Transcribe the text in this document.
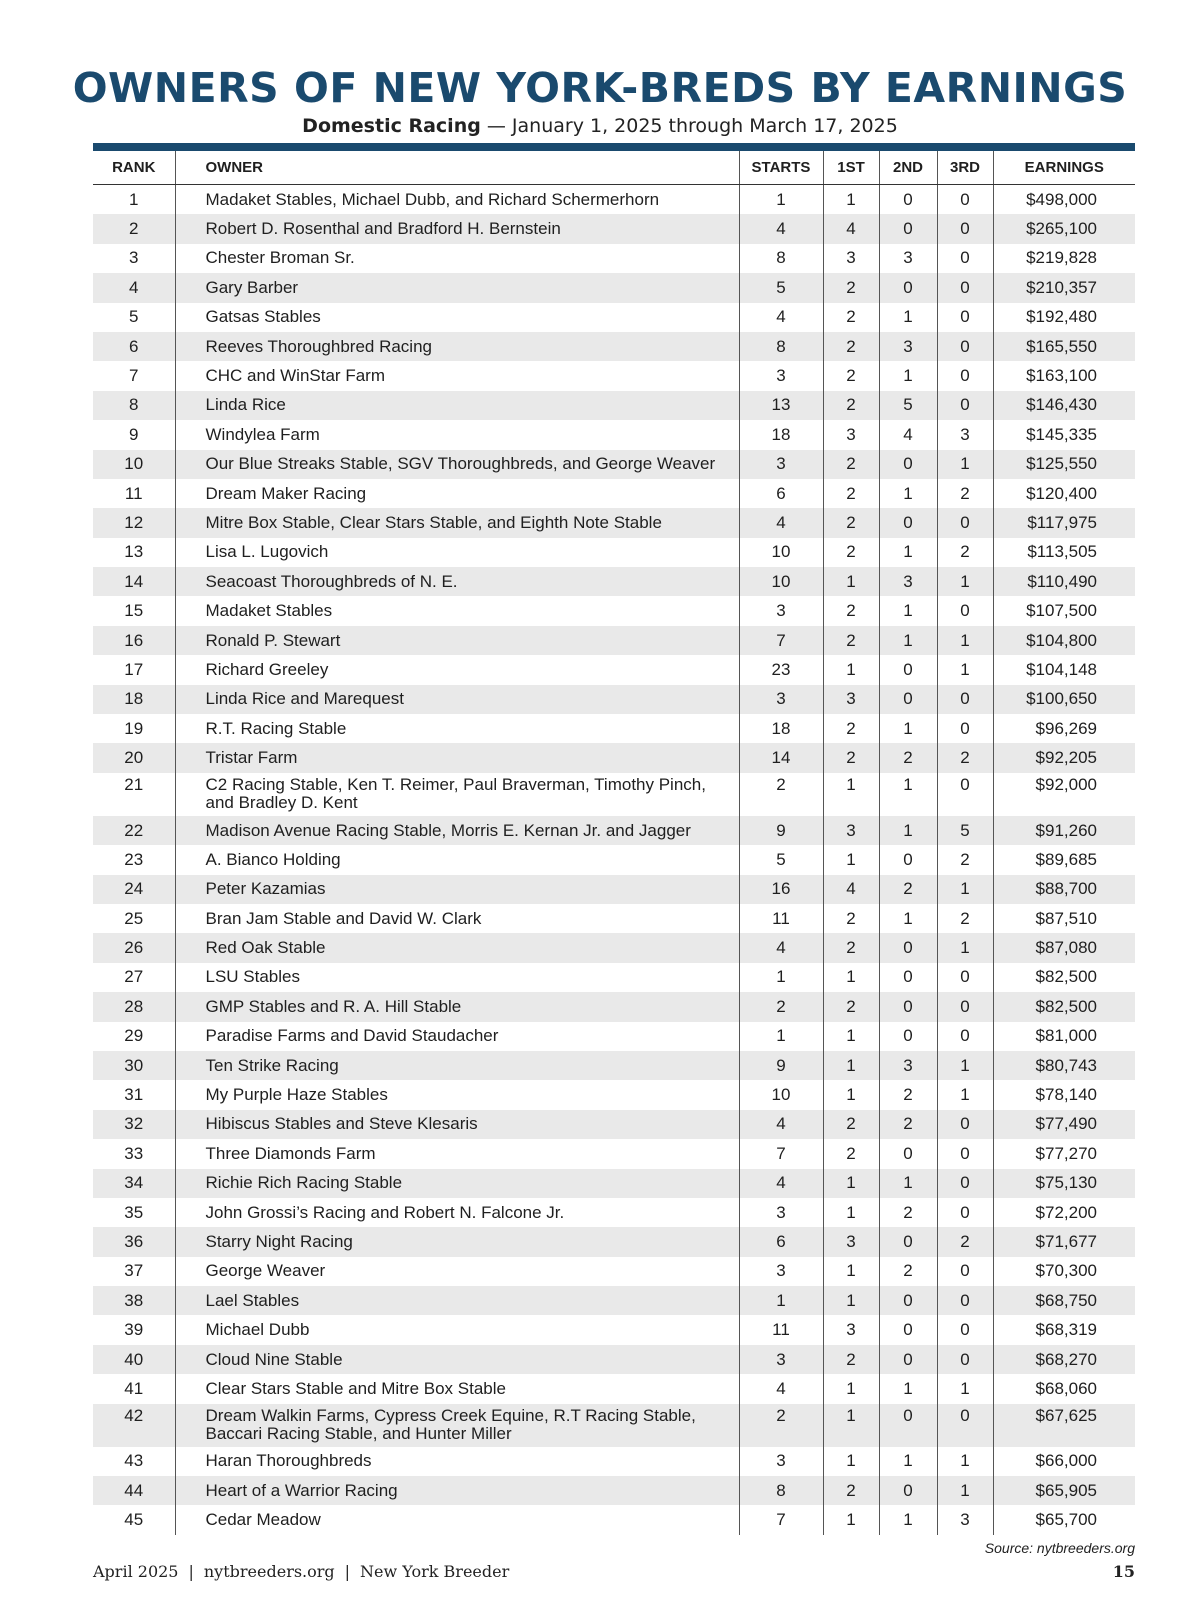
OWNERS OF NEW YORK-BREDS BY EARNINGS
Domestic Racing — January 1, 2025 through March 17, 2025
RANK	OWNER	STARTS	1ST	2ND	3RD	EARNINGS
1	Madaket Stables, Michael Dubb, and Richard Schermerhorn	1	1	0	0	$498,000
2	Robert D. Rosenthal and Bradford H. Bernstein	4	4	0	0	$265,100
3	Chester Broman Sr.	8	3	3	0	$219,828
4	Gary Barber	5	2	0	0	$210,357
5	Gatsas Stables	4	2	1	0	$192,480
6	Reeves Thoroughbred Racing	8	2	3	0	$165,550
7	CHC and WinStar Farm	3	2	1	0	$163,100
8	Linda Rice	13	2	5	0	$146,430
9	Windylea Farm	18	3	4	3	$145,335
10	Our Blue Streaks Stable, SGV Thoroughbreds, and George Weaver	3	2	0	1	$125,550
11	Dream Maker Racing	6	2	1	2	$120,400
12	Mitre Box Stable, Clear Stars Stable, and Eighth Note Stable	4	2	0	0	$117,975
13	Lisa L. Lugovich	10	2	1	2	$113,505
14	Seacoast Thoroughbreds of N. E.	10	1	3	1	$110,490
15	Madaket Stables	3	2	1	0	$107,500
16	Ronald P. Stewart	7	2	1	1	$104,800
17	Richard Greeley	23	1	0	1	$104,148
18	Linda Rice and Marequest	3	3	0	0	$100,650
19	R.T. Racing Stable	18	2	1	0	$96,269
20	Tristar Farm	14	2	2	2	$92,205
21	C2 Racing Stable, Ken T. Reimer, Paul Braverman, Timothy Pinch, and Bradley D. Kent	2	1	1	0	$92,000
22	Madison Avenue Racing Stable, Morris E. Kernan Jr. and Jagger	9	3	1	5	$91,260
23	A. Bianco Holding	5	1	0	2	$89,685
24	Peter Kazamias	16	4	2	1	$88,700
25	Bran Jam Stable and David W. Clark	11	2	1	2	$87,510
26	Red Oak Stable	4	2	0	1	$87,080
27	LSU Stables	1	1	0	0	$82,500
28	GMP Stables and R. A. Hill Stable	2	2	0	0	$82,500
29	Paradise Farms and David Staudacher	1	1	0	0	$81,000
30	Ten Strike Racing	9	1	3	1	$80,743
31	My Purple Haze Stables	10	1	2	1	$78,140
32	Hibiscus Stables and Steve Klesaris	4	2	2	0	$77,490
33	Three Diamonds Farm	7	2	0	0	$77,270
34	Richie Rich Racing Stable	4	1	1	0	$75,130
35	John Grossi’s Racing and Robert N. Falcone Jr.	3	1	2	0	$72,200
36	Starry Night Racing	6	3	0	2	$71,677
37	George Weaver	3	1	2	0	$70,300
38	Lael Stables	1	1	0	0	$68,750
39	Michael Dubb	11	3	0	0	$68,319
40	Cloud Nine Stable	3	2	0	0	$68,270
41	Clear Stars Stable and Mitre Box Stable	4	1	1	1	$68,060
42	Dream Walkin Farms, Cypress Creek Equine, R.T Racing Stable, Baccari Racing Stable, and Hunter Miller	2	1	0	0	$67,625
43	Haran Thoroughbreds	3	1	1	1	$66,000
44	Heart of a Warrior Racing	8	2	0	1	$65,905
45	Cedar Meadow	7	1	1	3	$65,700
Source: nytbreeders.org
April 2025 | nytbreeders.org | New York Breeder	15
